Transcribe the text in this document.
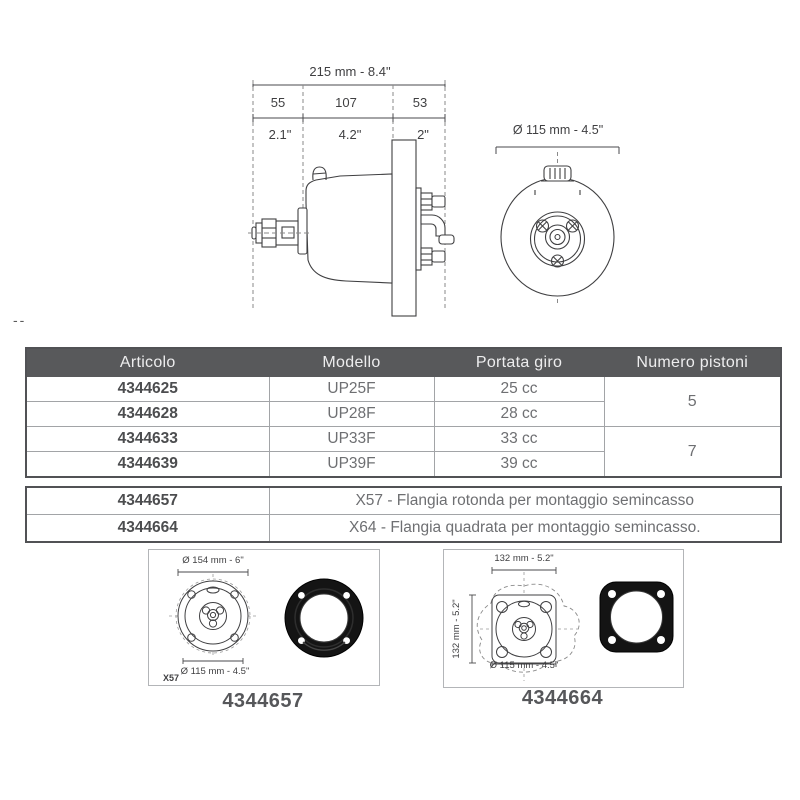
--
215 mm - 8.4"
55	107	53
2.1"	4.2"	2"	Ø 115 mm - 4.5"
Articolo	Modello	Portata giro	Numero pistoni
4344625	UP25F	25 cc	5
4344628	UP28F	28 cc	
4344633	UP33F	33 cc	7
4344639	UP39F	39 cc	
4344657	X57 - Flangia rotonda per montaggio semincasso
4344664	X64 - Flangia quadrata per montaggio semincasso.
Ø 154 mm - 6"
Ø 115 mm - 4.5"
X57
4344657
132 mm - 5.2"
132 mm - 5.2"
Ø 115 mm - 4.5"
4344664
